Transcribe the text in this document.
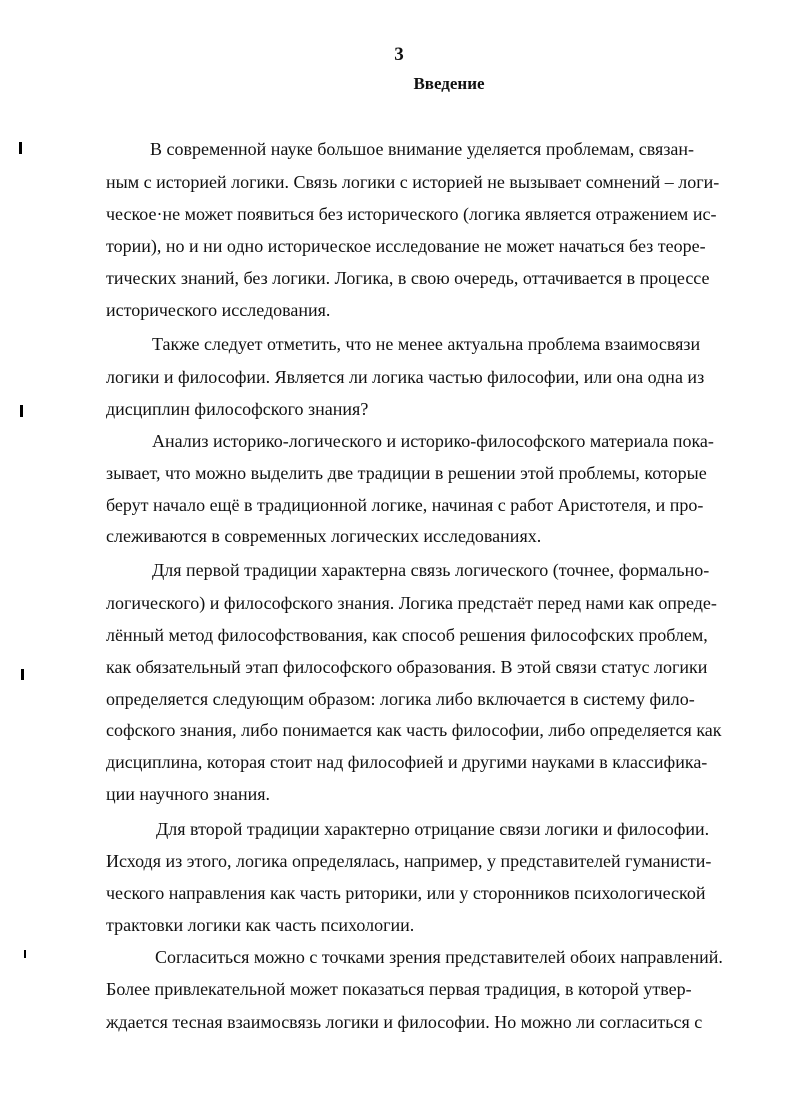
3
Введение
В современной науке большое внимание уделяется проблемам, связан-
ным с историей логики. Связь логики с историей не вызывает сомнений – логи-
ческое·не может появиться без исторического (логика является отражением ис-
тории), но и ни одно историческое исследование не может начаться без теоре-
тических знаний, без логики. Логика, в свою очередь, оттачивается в процессе
исторического исследования.
Также следует отметить, что не менее актуальна проблема взаимосвязи
логики и философии. Является ли логика частью философии, или она одна из
дисциплин философского знания?
Анализ историко-логического и историко-философского материала пока-
зывает, что можно выделить две традиции в решении этой проблемы, которые
берут начало ещё в традиционной логике, начиная с работ Аристотеля, и про-
слеживаются в современных логических исследованиях.
Для первой традиции характерна связь логического (точнее, формально-
логического) и философского знания. Логика предстаёт перед нами как опреде-
лённый метод философствования, как способ решения философских проблем,
как обязательный этап философского образования. В этой связи статус логики
определяется следующим образом: логика либо включается в систему фило-
софского знания, либо понимается как часть философии, либо определяется как
дисциплина, которая стоит над философией и другими науками в классифика-
ции научного знания.
Для второй традиции характерно отрицание связи логики и философии.
Исходя из этого, логика определялась, например, у представителей гуманисти-
ческого направления как часть риторики, или у сторонников психологической
трактовки логики как часть психологии.
Согласиться можно с точками зрения представителей обоих направлений.
Более привлекательной может показаться первая традиция, в которой утвер-
ждается тесная взаимосвязь логики и философии. Но можно ли согласиться с
